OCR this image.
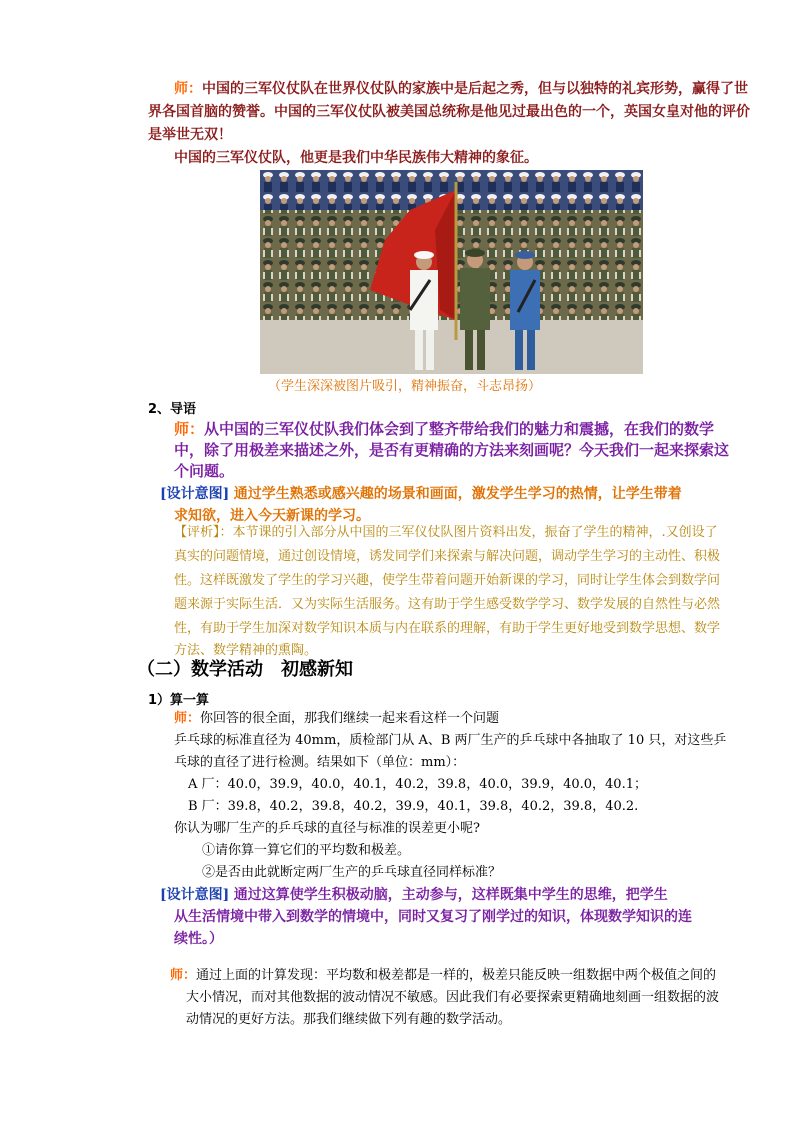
师：中国的三军仪仗队在世界仪仗队的家族中是后起之秀，但与以独特的礼宾形势，赢得了世
界各国首脑的赞誉。中国的三军仪仗队被美国总统称是他见过最出色的一个，英国女皇对他的评价
是举世无双！
中国的三军仪仗队，他更是我们中华民族伟大精神的象征。
（学生深深被图片吸引，精神振奋，斗志昂扬）
2、导语
师：从中国的三军仪仗队我们体会到了整齐带给我们的魅力和震撼，在我们的数学
中，除了用极差来描述之外，是否有更精确的方法来刻画呢？今天我们一起来探索这
个问题。
[设计意图] 通过学生熟悉或感兴趣的场景和画面，激发学生学习的热情，让学生带着
求知欲，进入今天新课的学习。
【评析】：本节课的引入部分从中国的三军仪仗队图片资料出发，振奋了学生的精神，.又创设了
真实的问题情境，通过创设情境，诱发同学们来探索与解决问题，调动学生学习的主动性、积极
性。这样既激发了学生的学习兴趣，使学生带着问题开始新课的学习，同时让学生体会到数学问
题来源于实际生活．又为实际生活服务。这有助于学生感受数学学习、数学发展的自然性与必然
性，有助于学生加深对数学知识本质与内在联系的理解，有助于学生更好地受到数学思想、数学
方法、数学精神的熏陶。
（二）数学活动　初感新知
1）算一算
师：你回答的很全面，那我们继续一起来看这样一个问题
乒乓球的标准直径为 40mm，质检部门从 A、B 两厂生产的乒乓球中各抽取了 10 只，对这些乒
乓球的直径了进行检测。结果如下（单位：mm）：
A 厂：40.0，39.9，40.0，40.1，40.2，39.8，40.0，39.9，40.0，40.1；
B 厂：39.8，40.2，39.8，40.2，39.9，40.1，39.8，40.2，39.8，40.2.
你认为哪厂生产的乒乓球的直径与标准的误差更小呢?
①请你算一算它们的平均数和极差。
②是否由此就断定两厂生产的乒乓球直径同样标准？
[设计意图] 通过这算使学生积极动脑，主动参与，这样既集中学生的思维，把学生
从生活情境中带入到数学的情境中，同时又复习了刚学过的知识，体现数学知识的连
续性。）
师：通过上面的计算发现：平均数和极差都是一样的，极差只能反映一组数据中两个极值之间的
大小情况，而对其他数据的波动情况不敏感。因此我们有必要探索更精确地刻画一组数据的波
动情况的更好方法。那我们继续做下列有趣的数学活动。
